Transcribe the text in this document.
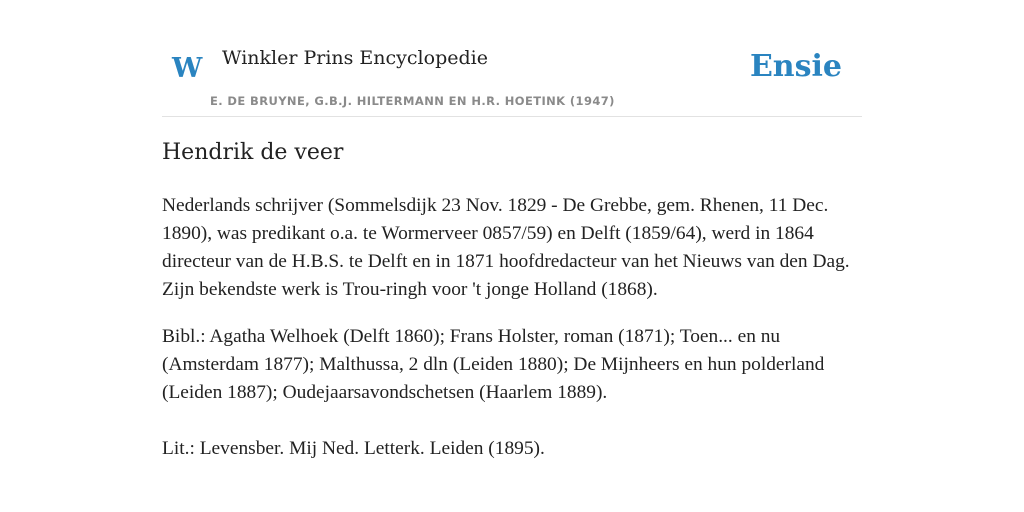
W Winkler Prins Encyclopedie
E. DE BRUYNE, G.B.J. HILTERMANN EN H.R. HOETINK (1947)
Ensie
Hendrik de veer

Nederlands schrijver (Sommelsdijk 23 Nov. 1829 - De Grebbe, gem. Rhenen, 11 Dec. 1890), was predikant o.a. te Wormerveer 0857/59) en Delft (1859/64), werd in 1864 directeur van de H.B.S. te Delft en in 1871 hoofdredacteur van het Nieuws van den Dag. Zijn bekendste werk is Trou-ringh voor 't jonge Holland (1868).

Bibl.: Agatha Welhoek (Delft 1860); Frans Holster, roman (1871); Toen... en nu (Amsterdam 1877); Malthussa, 2 dln (Leiden 1880); De Mijnheers en hun polderland (Leiden 1887); Oudejaarsavondschetsen (Haarlem 1889).

Lit.: Levensber. Mij Ned. Letterk. Leiden (1895).
